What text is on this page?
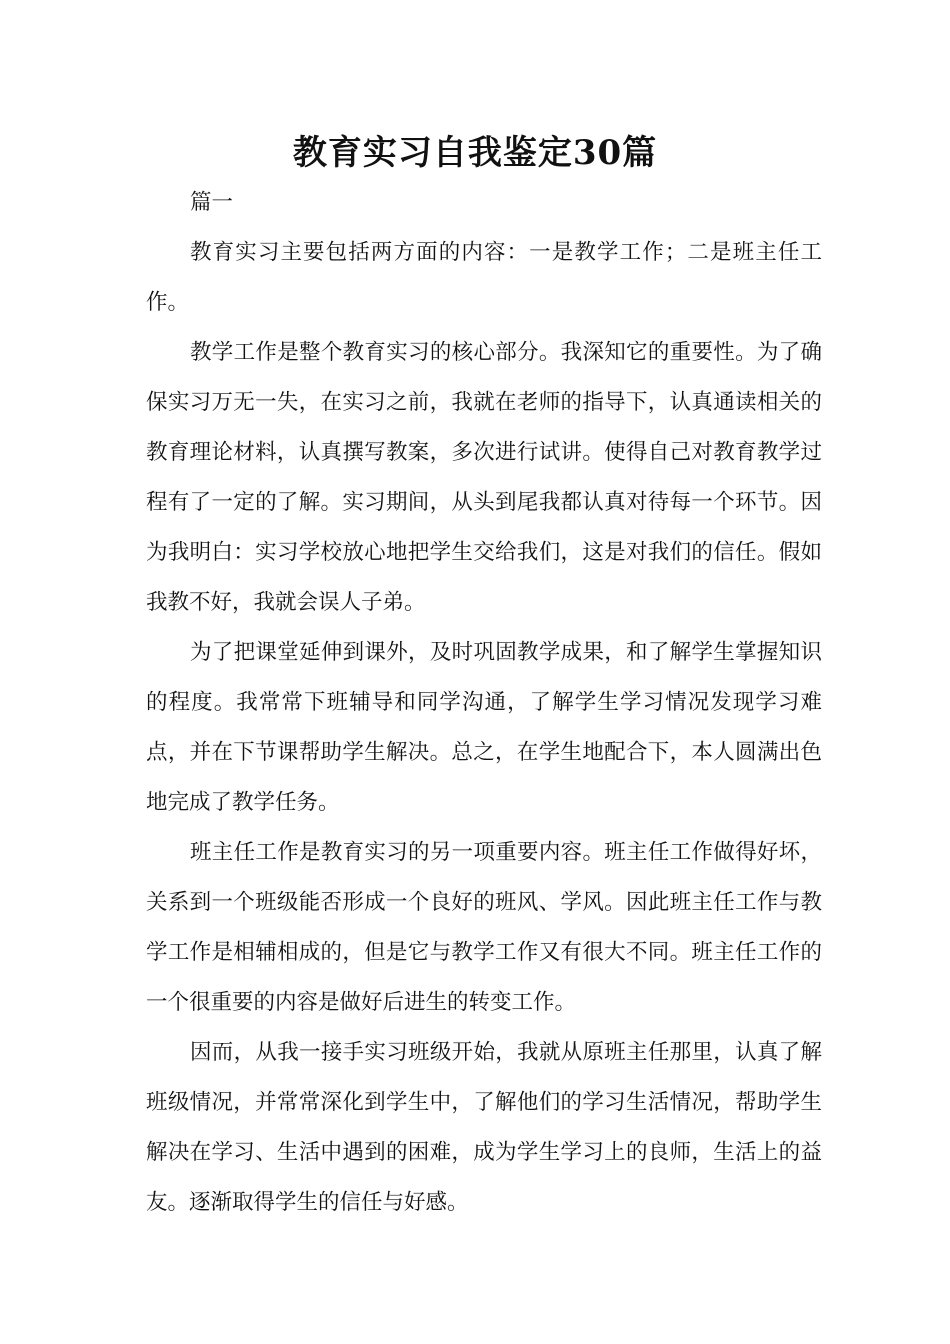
教育实习自我鉴定30篇

篇一

教育实习主要包括两方面的内容：一是教学工作；二是班主任工作。

教学工作是整个教育实习的核心部分。我深知它的重要性。为了确保实习万无一失，在实习之前，我就在老师的指导下，认真通读相关的教育理论材料，认真撰写教案，多次进行试讲。使得自己对教育教学过程有了一定的了解。实习期间，从头到尾我都认真对待每一个环节。因为我明白：实习学校放心地把学生交给我们，这是对我们的信任。假如我教不好，我就会误人子弟。

为了把课堂延伸到课外，及时巩固教学成果，和了解学生掌握知识的程度。我常常下班辅导和同学沟通，了解学生学习情况发现学习难点，并在下节课帮助学生解决。总之，在学生地配合下，本人圆满出色地完成了教学任务。

班主任工作是教育实习的另一项重要内容。班主任工作做得好坏，关系到一个班级能否形成一个良好的班风、学风。因此班主任工作与教学工作是相辅相成的，但是它与教学工作又有很大不同。班主任工作的一个很重要的内容是做好后进生的转变工作。

因而，从我一接手实习班级开始，我就从原班主任那里，认真了解班级情况，并常常深化到学生中，了解他们的学习生活情况，帮助学生解决在学习、生活中遇到的困难，成为学生学习上的良师，生活上的益友。逐渐取得学生的信任与好感。
